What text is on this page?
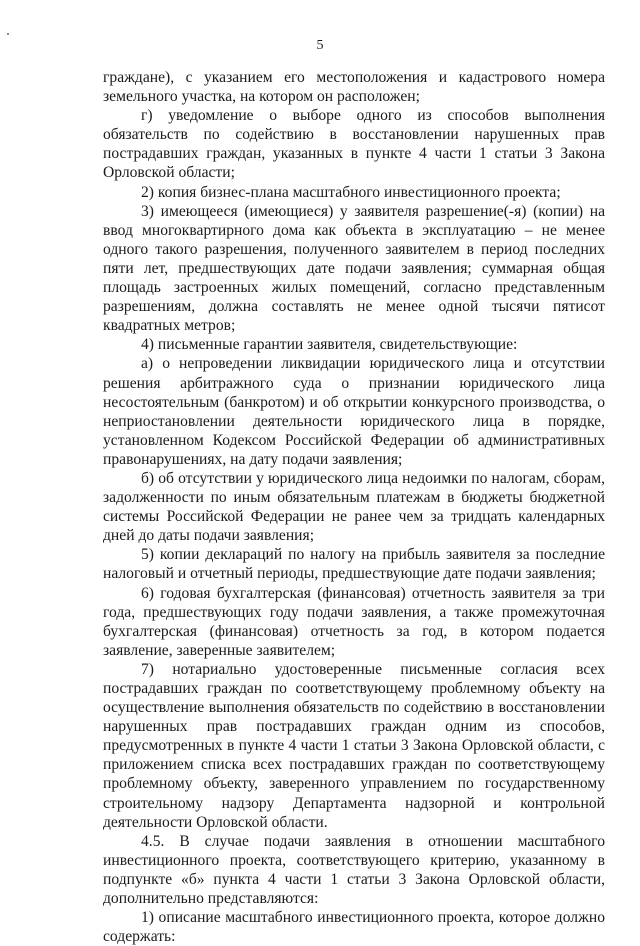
5

граждане), с указанием его местоположения и кадастрового номера земельного участка, на котором он расположен;

г) уведомление о выборе одного из способов выполнения обязательств по содействию в восстановлении нарушенных прав пострадавших граждан, указанных в пункте 4 части 1 статьи 3 Закона Орловской области;

2) копия бизнес-плана масштабного инвестиционного проекта;

3) имеющееся (имеющиеся) у заявителя разрешение(-я) (копии) на ввод многоквартирного дома как объекта в эксплуатацию – не менее одного такого разрешения, полученного заявителем в период последних пяти лет, предшествующих дате подачи заявления; суммарная общая площадь застроенных жилых помещений, согласно представленным разрешениям, должна составлять не менее одной тысячи пятисот квадратных метров;

4) письменные гарантии заявителя, свидетельствующие:

а) о непроведении ликвидации юридического лица и отсутствии решения арбитражного суда о признании юридического лица несостоятельным (банкротом) и об открытии конкурсного производства, о неприостановлении деятельности юридического лица в порядке, установленном Кодексом Российской Федерации об административных правонарушениях, на дату подачи заявления;

б) об отсутствии у юридического лица недоимки по налогам, сборам, задолженности по иным обязательным платежам в бюджеты бюджетной системы Российской Федерации не ранее чем за тридцать календарных дней до даты подачи заявления;

5) копии деклараций по налогу на прибыль заявителя за последние налоговый и отчетный периоды, предшествующие дате подачи заявления;

6) годовая бухгалтерская (финансовая) отчетность заявителя за три года, предшествующих году подачи заявления, а также промежуточная бухгалтерская (финансовая) отчетность за год, в котором подается заявление, заверенные заявителем;

7) нотариально удостоверенные письменные согласия всех пострадавших граждан по соответствующему проблемному объекту на осуществление выполнения обязательств по содействию в восстановлении нарушенных прав пострадавших граждан одним из способов, предусмотренных в пункте 4 части 1 статьи 3 Закона Орловской области, с приложением списка всех пострадавших граждан по соответствующему проблемному объекту, заверенного управлением по государственному строительному надзору Департамента надзорной и контрольной деятельности Орловской области.

4.5. В случае подачи заявления в отношении масштабного инвестиционного проекта, соответствующего критерию, указанному в подпункте «б» пункта 4 части 1 статьи 3 Закона Орловской области, дополнительно представляются:

1) описание масштабного инвестиционного проекта, которое должно содержать:
